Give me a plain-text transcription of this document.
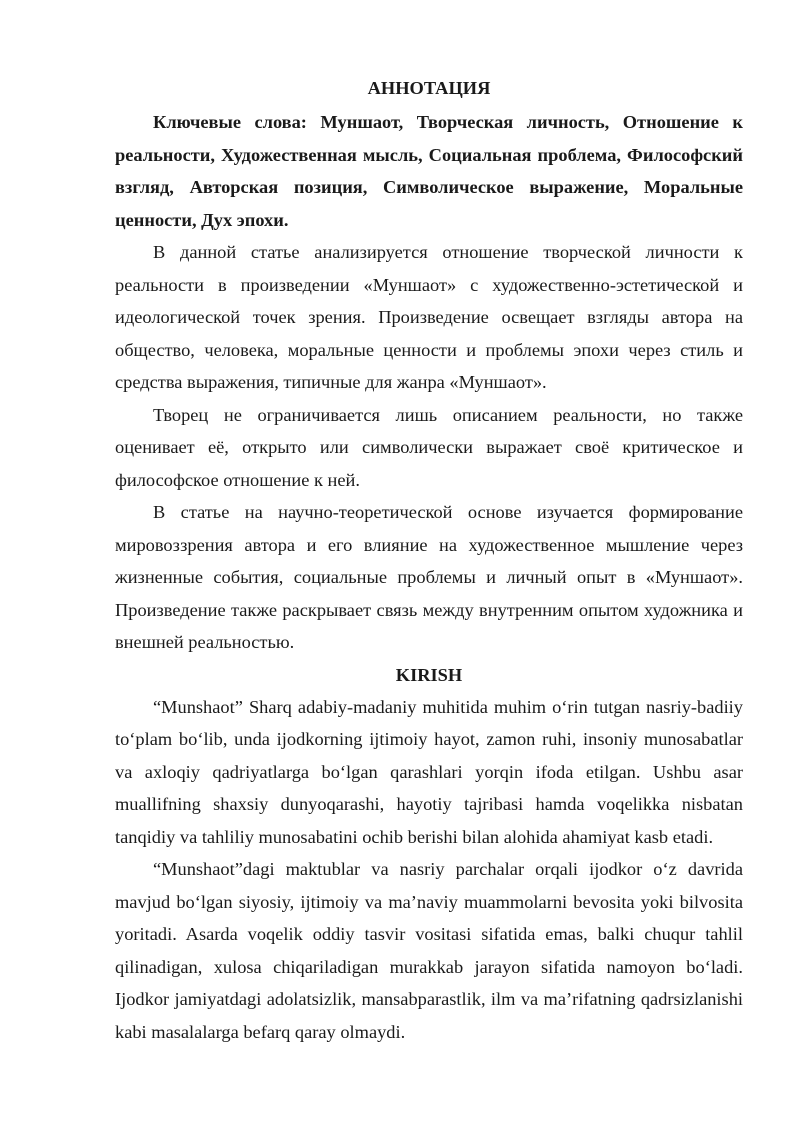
АННОТАЦИЯ

Ключевые слова: Муншаот, Творческая личность, Отношение к реальности, Художественная мысль, Социальная проблема, Философский взгляд, Авторская позиция, Символическое выражение, Моральные ценности, Дух эпохи.

В данной статье анализируется отношение творческой личности к реальности в произведении «Муншаот» с художественно-эстетической и идеологической точек зрения. Произведение освещает взгляды автора на общество, человека, моральные ценности и проблемы эпохи через стиль и средства выражения, типичные для жанра «Муншаот».

Творец не ограничивается лишь описанием реальности, но также оценивает её, открыто или символически выражает своё критическое и философское отношение к ней.

В статье на научно-теоретической основе изучается формирование мировоззрения автора и его влияние на художественное мышление через жизненные события, социальные проблемы и личный опыт в «Муншаот». Произведение также раскрывает связь между внутренним опытом художника и внешней реальностью.

KIRISH

“Munshaot” Sharq adabiy-madaniy muhitida muhim o‘rin tutgan nasriy-badiiy to‘plam bo‘lib, unda ijodkorning ijtimoiy hayot, zamon ruhi, insoniy munosabatlar va axloqiy qadriyatlarga bo‘lgan qarashlari yorqin ifoda etilgan. Ushbu asar muallifning shaxsiy dunyoqarashi, hayotiy tajribasi hamda voqelikka nisbatan tanqidiy va tahliliy munosabatini ochib berishi bilan alohida ahamiyat kasb etadi.

“Munshaot”dagi maktublar va nasriy parchalar orqali ijodkor o‘z davrida mavjud bo‘lgan siyosiy, ijtimoiy va ma’naviy muammolarni bevosita yoki bilvosita yoritadi. Asarda voqelik oddiy tasvir vositasi sifatida emas, balki chuqur tahlil qilinadigan, xulosa chiqariladigan murakkab jarayon sifatida namoyon bo‘ladi. Ijodkor jamiyatdagi adolatsizlik, mansabparastlik, ilm va ma’rifatning qadrsizlanishi kabi masalalarga befarq qaray olmaydi.
